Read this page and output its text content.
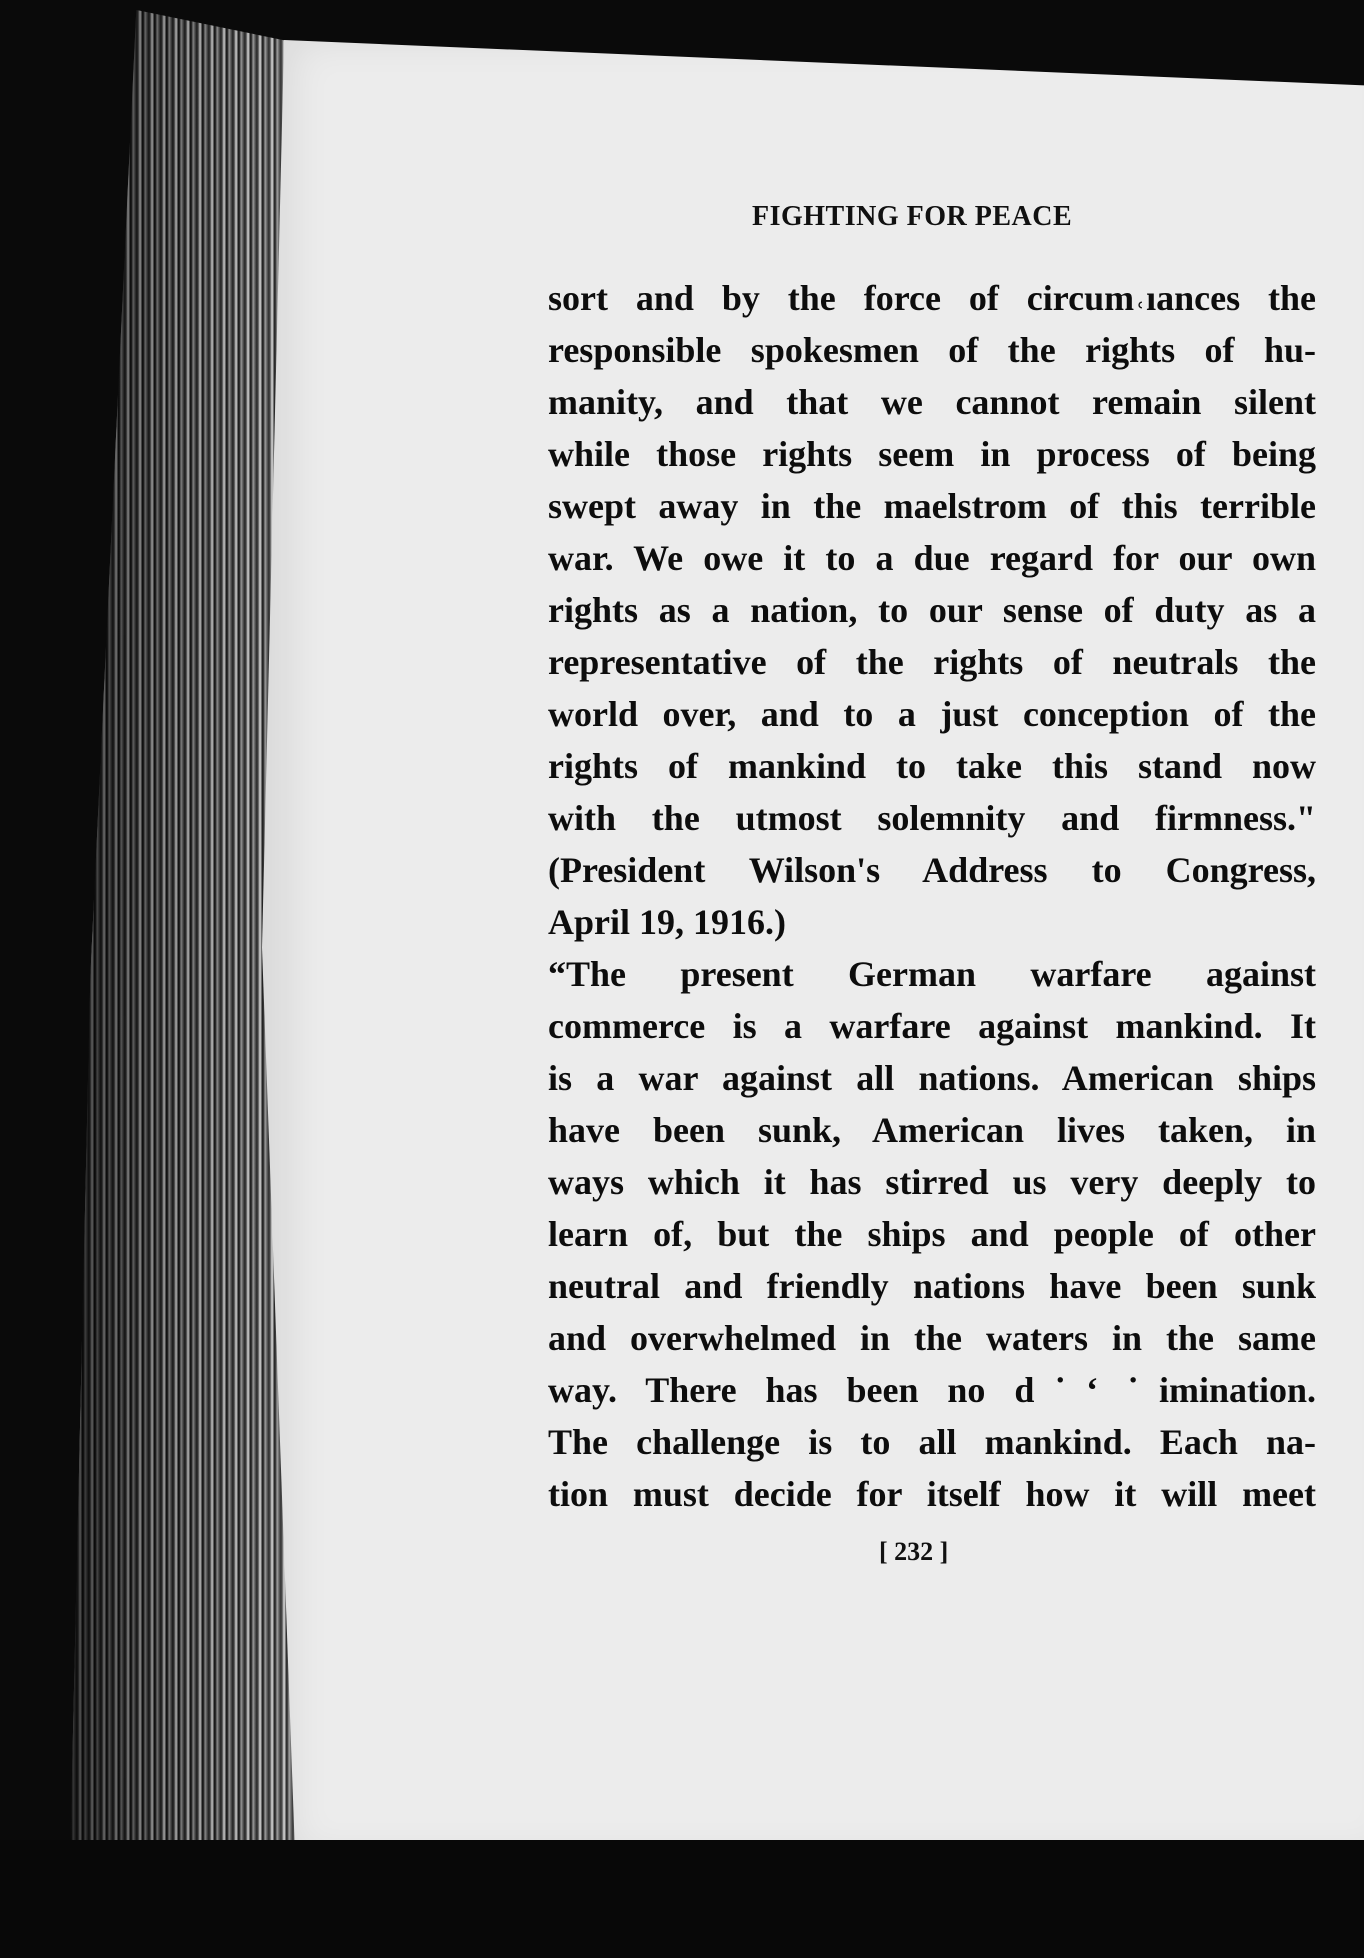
FIGHTING FOR PEACE
sort and by the force of circum˓ıances the
responsible spokesmen of the rights of hu-
manity, and that we cannot remain silent
while those rights seem in process of being
swept away in the maelstrom of this terrible
war. We owe it to a due regard for our own
rights as a nation, to our sense of duty as a
representative of the rights of neutrals the
world over, and to a just conception of the
rights of mankind to take this stand now
with the utmost solemnity and firmness."
(President Wilson's Address to Congress,
April 19, 1916.)
“The present German warfare against
commerce is a warfare against mankind. It
is a war against all nations. American ships
have been sunk, American lives taken, in
ways which it has stirred us very deeply to
learn of, but the ships and people of other
neutral and friendly nations have been sunk
and overwhelmed in the waters in the same
way. There has been no d˙ʻ ˙imination.
The challenge is to all mankind. Each na-
tion must decide for itself how it will meet
[ 232 ]
